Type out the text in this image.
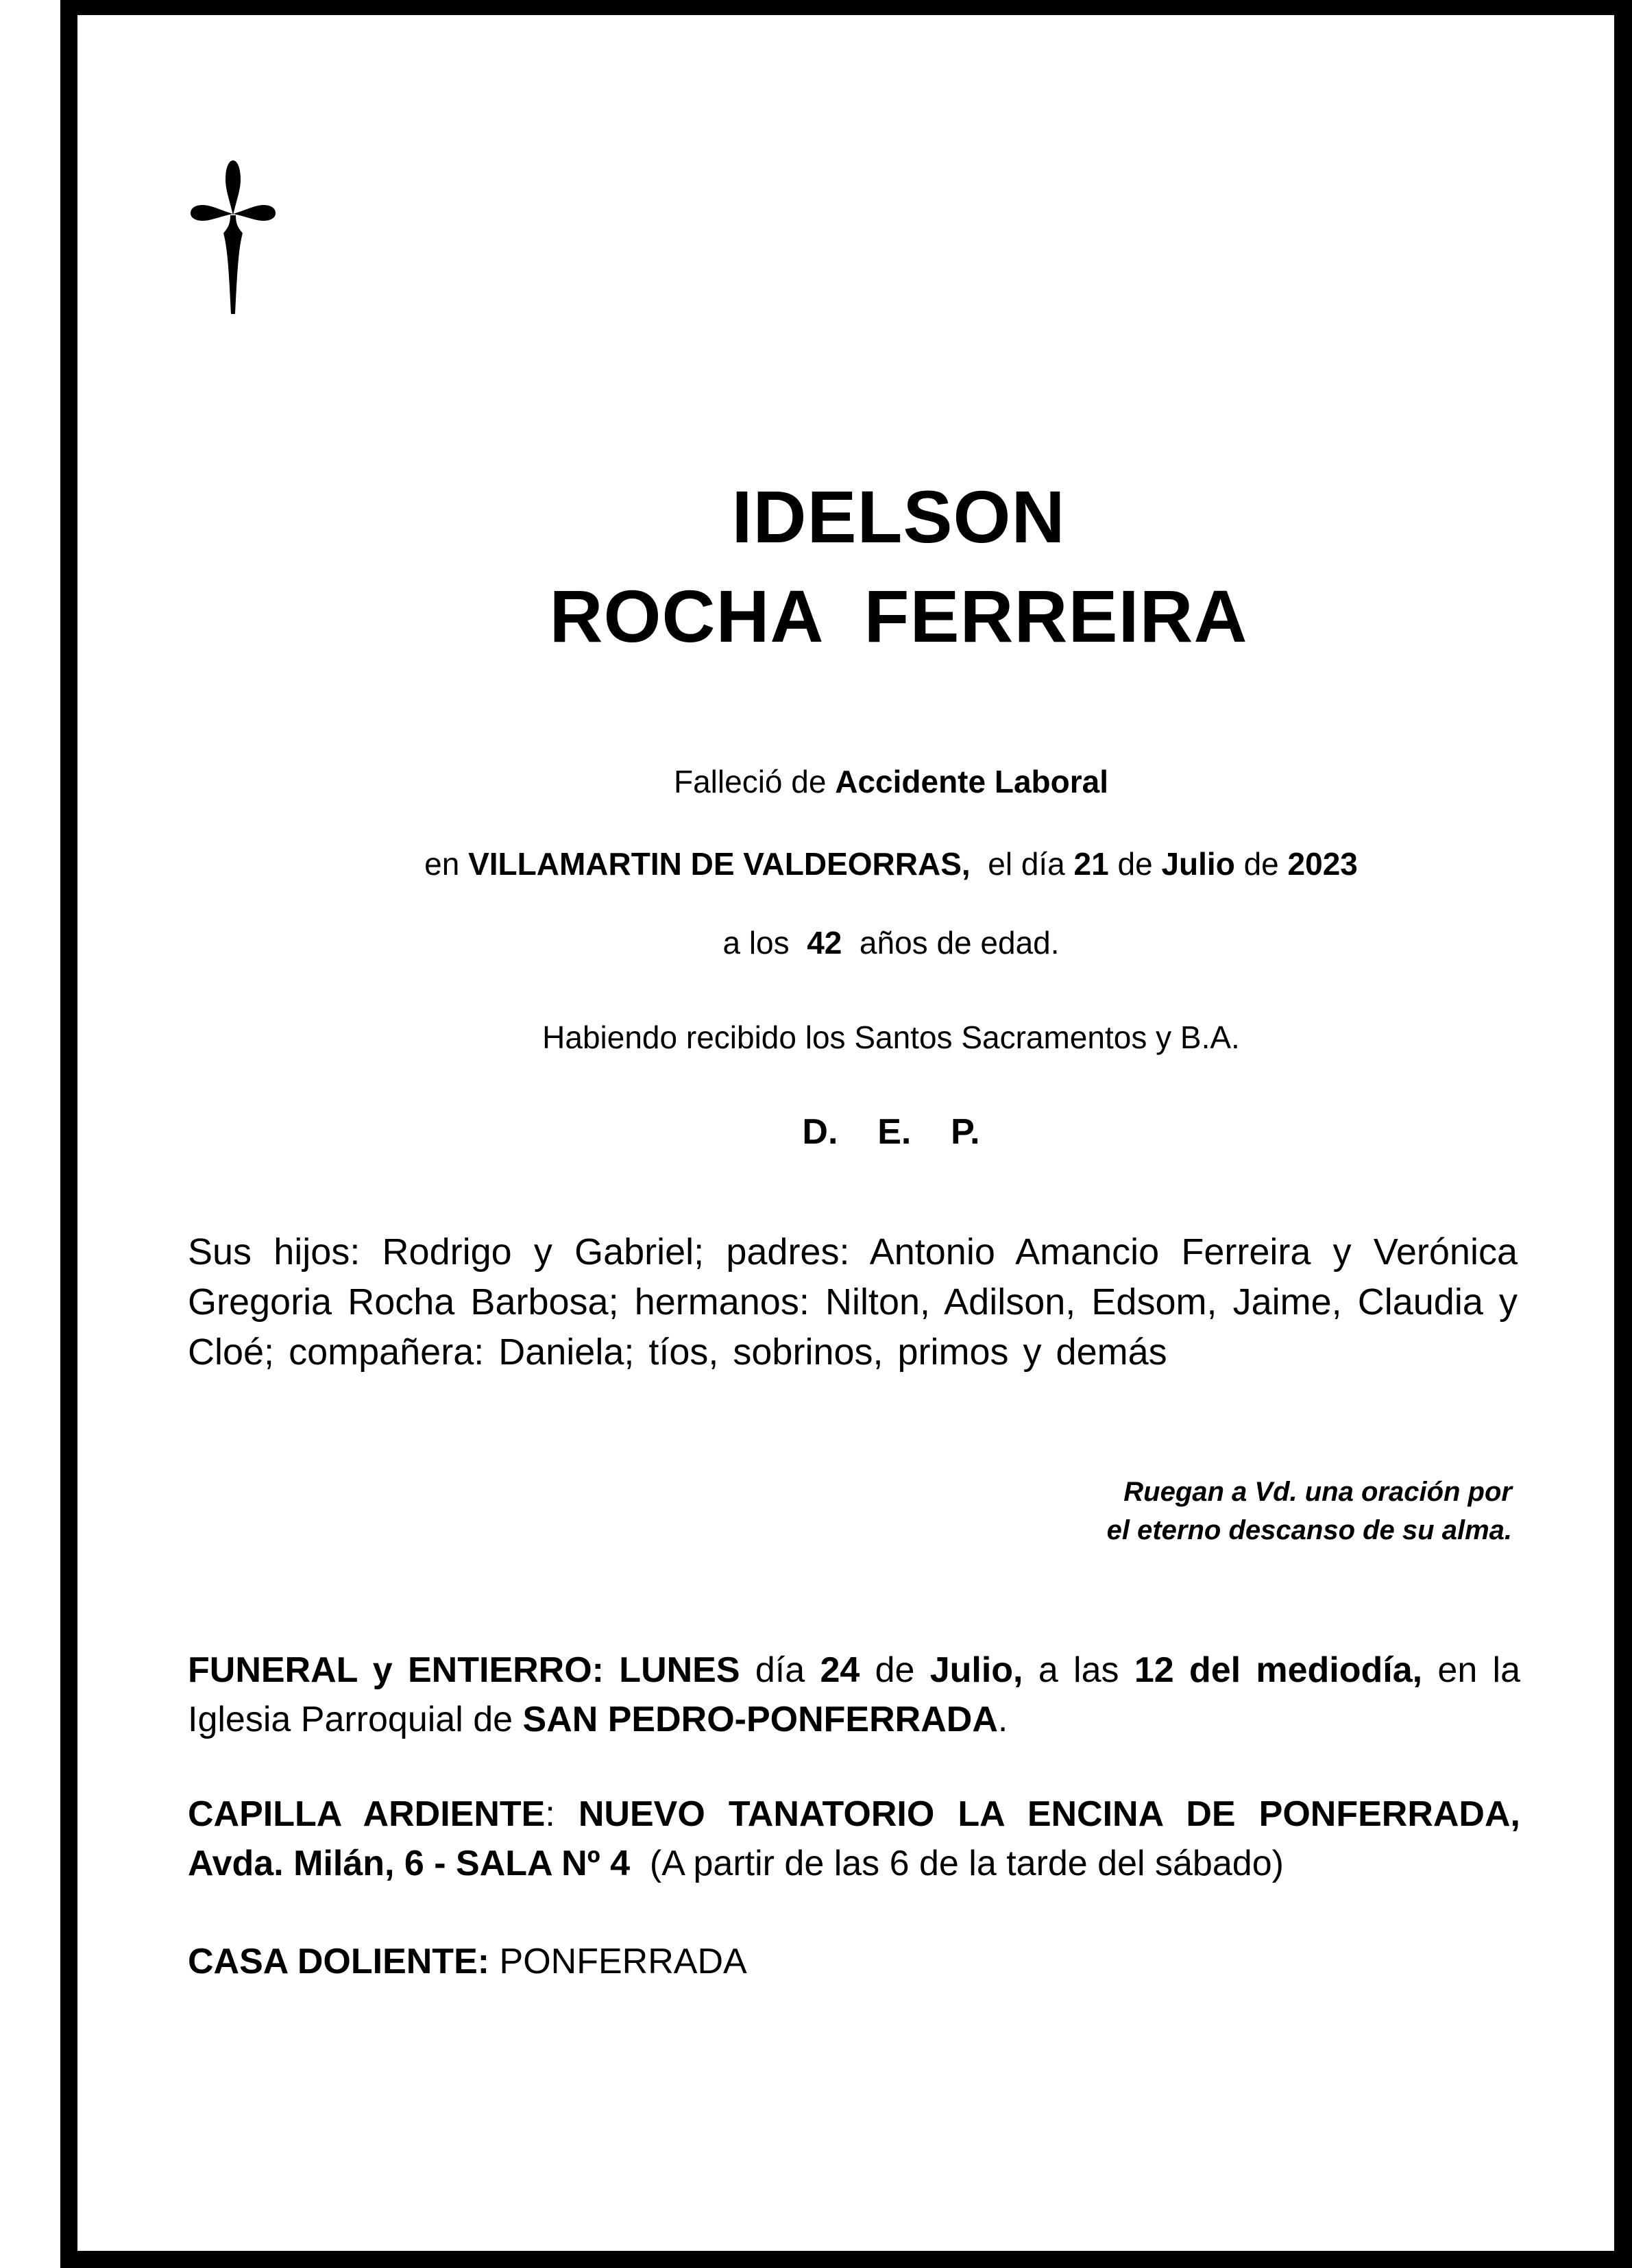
IDELSON
ROCHA  FERREIRA
Falleció de Accidente Laboral
en VILLAMARTIN DE VALDEORRAS,  el día 21 de Julio de 2023
a los  42  años de edad.
Habiendo recibido los Santos Sacramentos y B.A.
D.    E.    P.
Sus hijos: Rodrigo y Gabriel; padres: Antonio Amancio Ferreira y Verónica Gregoria Rocha Barbosa; hermanos: Nilton, Adilson, Edsom, Jaime, Claudia y Cloé; compañera: Daniela; tíos, sobrinos, primos y demás
Ruegan a Vd. una oración por
el eterno descanso de su alma.
FUNERAL y ENTIERRO: LUNES día 24 de Julio, a las 12 del mediodía, en la Iglesia Parroquial de SAN PEDRO-PONFERRADA.
CAPILLA ARDIENTE: NUEVO TANATORIO LA ENCINA DE PONFERRADA, Avda. Milán, 6 - SALA Nº 4  (A partir de las 6 de la tarde del sábado)
CASA DOLIENTE: PONFERRADA
